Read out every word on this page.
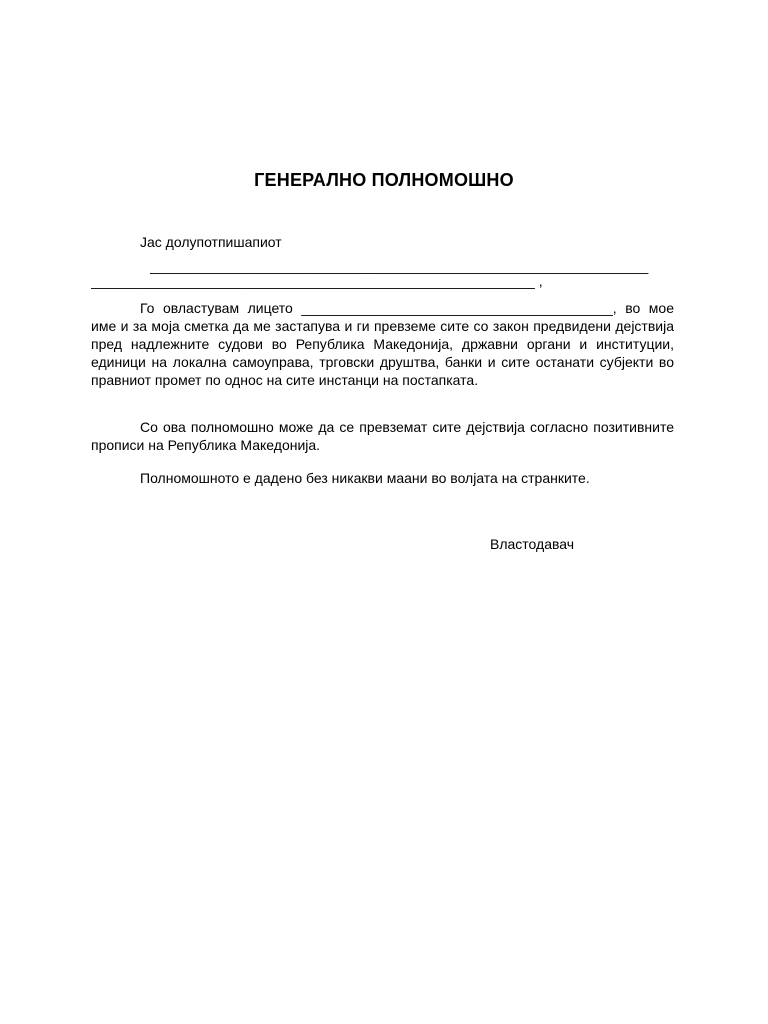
ГЕНЕРАЛНО ПОЛНОМОШНО
Јас долупотпишапиот
________________________________________________________________
_________________________________________________________ ,
Го овластувам лицето ________________________________________, во мое име и за моја сметка да ме застапува и ги превземе сите со закон предвидени дејствија пред надлежните судови во Република Македонија, државни органи и институции, единици на локална самоуправа, трговски друштва, банки и сите останати субјекти во правниот промет по однос на сите инстанци на постапката.
Со ова полномошно може да се превземат сите дејствија согласно позитивните прописи на Република Македонија.
Полномошното е дадено без никакви маани во волјата на странките.
Властодавач
